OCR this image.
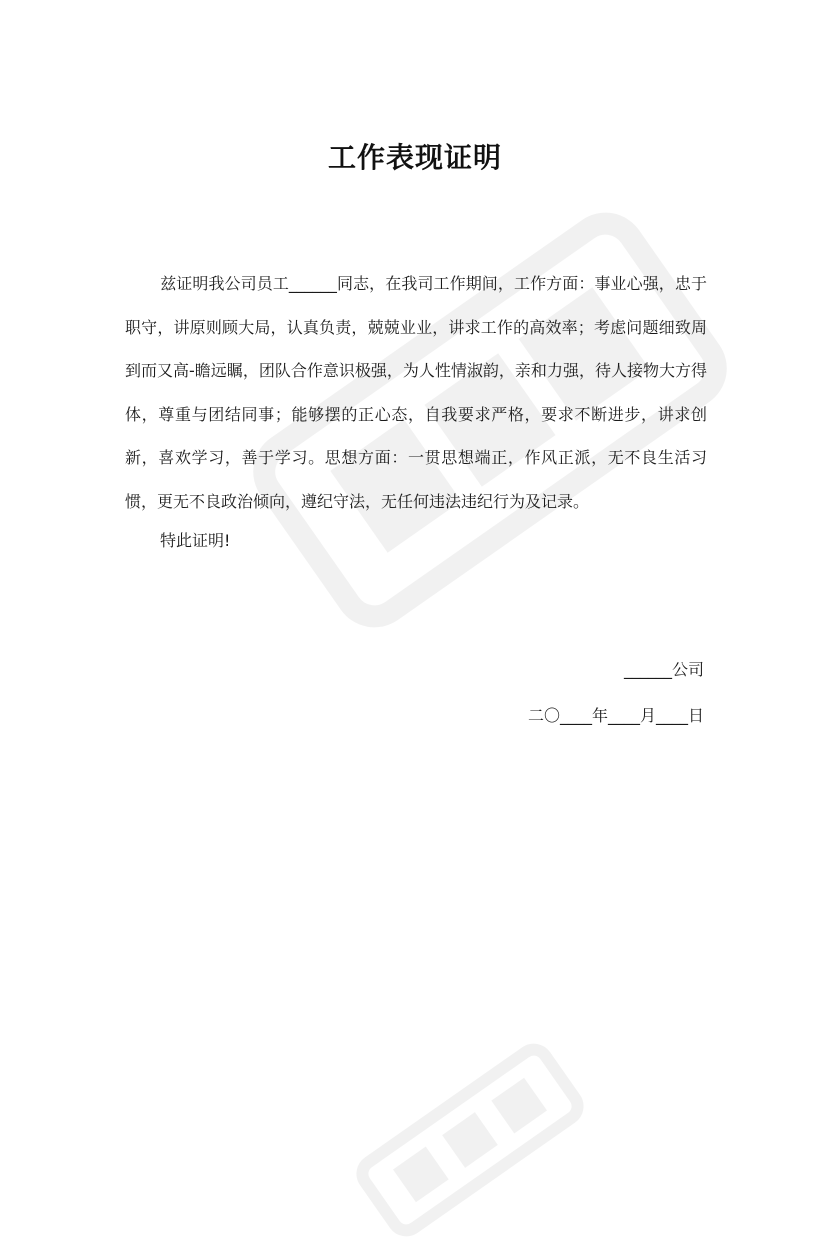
工作表现证明

兹证明我公司员工______同志，在我司工作期间，工作方面：事业心强，忠于职守，讲原则顾大局，认真负责，兢兢业业，讲求工作的高效率；考虑问题细致周到而又高-瞻远瞩，团队合作意识极强，为人性情淑韵，亲和力强，待人接物大方得体，尊重与团结同事；能够摆的正心态，自我要求严格，要求不断进步，讲求创新，喜欢学习，善于学习。思想方面：一贯思想端正，作风正派，无不良生活习惯，更无不良政治倾向，遵纪守法，无任何违法违纪行为及记录。

特此证明!
______公司
二〇____年____月____日
